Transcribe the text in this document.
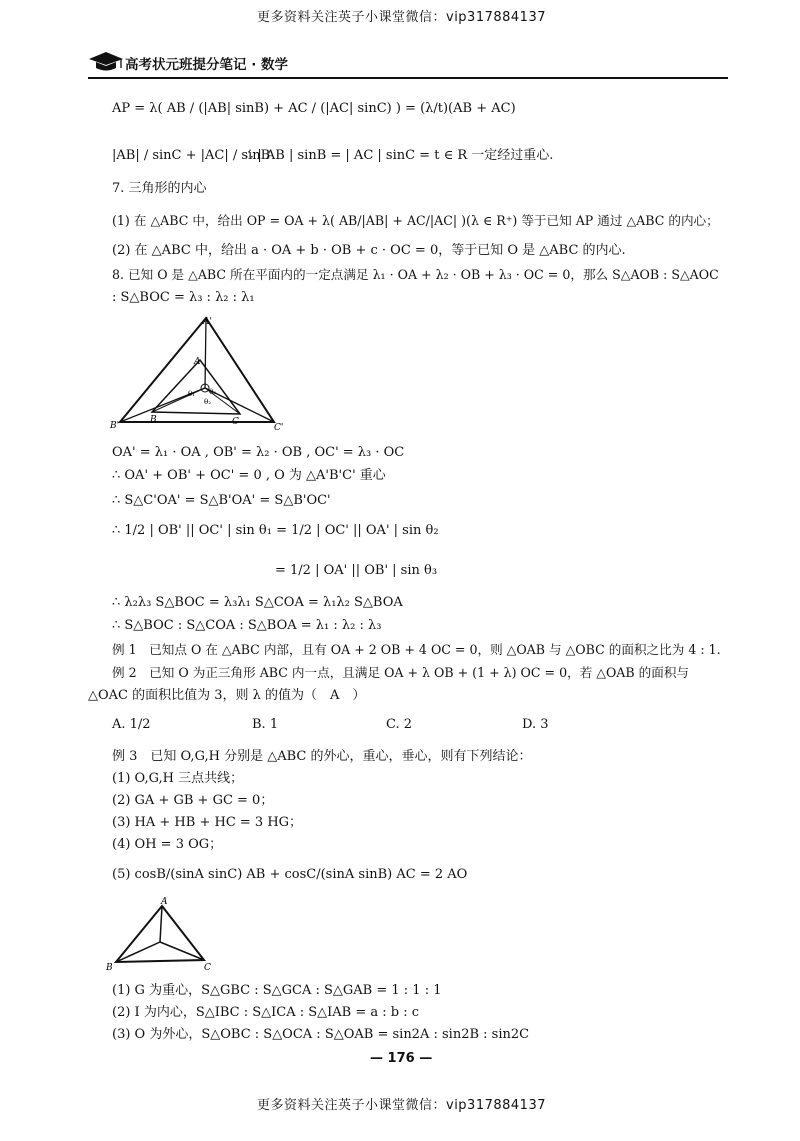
更多资料关注英子小课堂微信：vip317884137
高考状元班提分笔记 · 数学
AP = λ( AB / (|AB| sinB) + AC / (|AC| sinC) ) = (λ/t)(AB + AC)
|AB| / sinC + |AC| / sinB
∴ | AB | sinB = | AC | sinC = t ∈ R 一定经过重心.
7. 三角形的内心
(1) 在 △ABC 中，给出 OP = OA + λ( AB/|AB| + AC/|AC| )(λ ∈ R⁺) 等于已知 AP 通过 △ABC 的内心；
(2) 在 △ABC 中，给出 a · OA + b · OB + c · OC = 0，等于已知 O 是 △ABC 的内心.
8. 已知 O 是 △ABC 所在平面内的一定点满足 λ₁ · OA + λ₂ · OB + λ₃ · OC = 0，那么 S△AOB : S△AOC
: S△BOC = λ₃ : λ₂ : λ₁
A'
A
B'
B	C
C'
θ₁
θ₂
θ₃
OA' = λ₁ · OA , OB' = λ₂ · OB , OC' = λ₃ · OC
∴ OA' + OB' + OC' = 0 , O 为 △A'B'C' 重心
∴ S△C'OA' = S△B'OA' = S△B'OC'
∴ 1/2 | OB' || OC' | sin θ₁ = 1/2 | OC' || OA' | sin θ₂
= 1/2 | OA' || OB' | sin θ₃
∴ λ₂λ₃ S△BOC = λ₃λ₁ S△COA = λ₁λ₂ S△BOA
∴ S△BOC : S△COA : S△BOA = λ₁ : λ₂ : λ₃
例 1　已知点 O 在 △ABC 内部，且有 OA + 2 OB + 4 OC = 0，则 △OAB 与 △OBC 的面积之比为 4 : 1.
例 2　已知 O 为正三角形 ABC 内一点，且满足 OA + λ OB + (1 + λ) OC = 0，若 △OAB 的面积与
△OAC 的面积比值为 3，则 λ 的值为（　A　）
A. 1/2	B. 1	C. 2	D. 3
例 3　已知 O,G,H 分别是 △ABC 的外心，重心，垂心，则有下列结论：
(1) O,G,H 三点共线；
(2) GA + GB + GC = 0；
(3) HA + HB + HC = 3 HG；
(4) OH = 3 OG；
(5) cosB/(sinA sinC) AB + cosC/(sinA sinB) AC = 2 AO
A
B	C
(1) G 为重心，S△GBC : S△GCA : S△GAB = 1 : 1 : 1
(2) I 为内心，S△IBC : S△ICA : S△IAB = a : b : c
(3) O 为外心，S△OBC : S△OCA : S△OAB = sin2A : sin2B : sin2C
— 176 —
更多资料关注英子小课堂微信：vip317884137
